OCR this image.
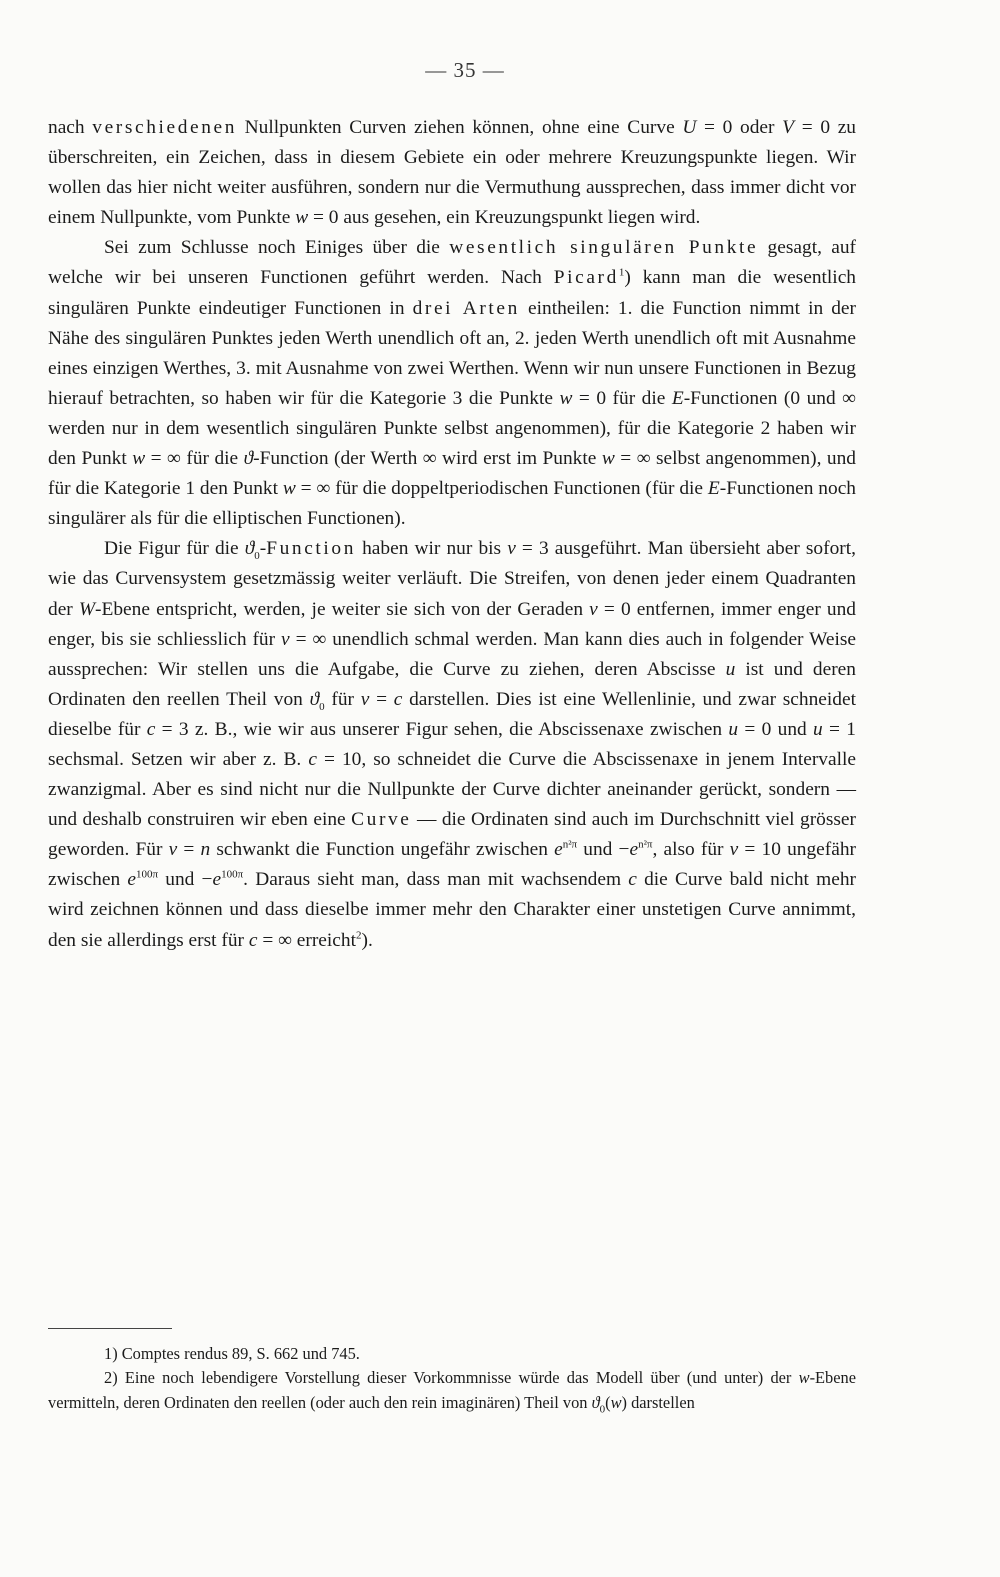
— 35 —

nach verschiedenen Nullpunkten Curven ziehen können, ohne eine Curve U = 0 oder V = 0 zu überschreiten, ein Zeichen, dass in diesem Gebiete ein oder mehrere Kreuzungspunkte liegen. Wir wollen das hier nicht weiter ausführen, sondern nur die Vermuthung aussprechen, dass immer dicht vor einem Nullpunkte, vom Punkte w = 0 aus gesehen, ein Kreuzungspunkt liegen wird.

Sei zum Schlusse noch Einiges über die wesentlich singulären Punkte gesagt, auf welche wir bei unseren Functionen geführt werden. Nach Picard$^1$) kann man die wesentlich singulären Punkte eindeutiger Functionen in drei Arten eintheilen: 1. die Function nimmt in der Nähe des singulären Punktes jeden Werth unendlich oft an, 2. jeden Werth unendlich oft mit Ausnahme eines einzigen Werthes, 3. mit Ausnahme von zwei Werthen. Wenn wir nun unsere Functionen in Bezug hierauf betrachten, so haben wir für die Kategorie 3 die Punkte w = 0 für die E-Functionen (0 und ∞ werden nur in dem wesentlich singulären Punkte selbst angenommen), für die Kategorie 2 haben wir den Punkt w = ∞ für die ϑ-Function (der Werth ∞ wird erst im Punkte w = ∞ selbst angenommen), und für die Kategorie 1 den Punkt w = ∞ für die doppeltperiodischen Functionen (für die E-Functionen noch singulärer als für die elliptischen Functionen).

Die Figur für die $ϑ_0$-Function haben wir nur bis v = 3 ausgeführt. Man übersieht aber sofort, wie das Curvensystem gesetzmässig weiter verläuft. Die Streifen, von denen jeder einem Quadranten der W-Ebene entspricht, werden, je weiter sie sich von der Geraden v = 0 entfernen, immer enger und enger, bis sie schliesslich für v = ∞ unendlich schmal werden. Man kann dies auch in folgender Weise aussprechen: Wir stellen uns die Aufgabe, die Curve zu ziehen, deren Abscisse u ist und deren Ordinaten den reellen Theil von $ϑ_0$ für v = c darstellen. Dies ist eine Wellenlinie, und zwar schneidet dieselbe für c = 3 z. B., wie wir aus unserer Figur sehen, die Abscissenaxe zwischen u = 0 und u = 1 sechsmal. Setzen wir aber z. B. c = 10, so schneidet die Curve die Abscissenaxe in jenem Intervalle zwanzigmal. Aber es sind nicht nur die Nullpunkte der Curve dichter aneinander gerückt, sondern — und deshalb construiren wir eben eine Curve — die Ordinaten sind auch im Durchschnitt viel grösser geworden. Für v = n schwankt die Function ungefähr zwischen $e^{n^2\pi}$ und $-e^{n^2\pi}$, also für v = 10 ungefähr zwischen $e^{100\pi}$ und $-e^{100\pi}$. Daraus sieht man, dass man mit wachsendem c die Curve bald nicht mehr wird zeichnen können und dass dieselbe immer mehr den Charakter einer unstetigen Curve annimmt, den sie allerdings erst für c = ∞ erreicht$^2$).

1) Comptes rendus 89, S. 662 und 745.

2) Eine noch lebendigere Vorstellung dieser Vorkommnisse würde das Modell über (und unter) der w-Ebene vermitteln, deren Ordinaten den reellen (oder auch den rein imaginären) Theil von $ϑ_0(w)$ darstellen
